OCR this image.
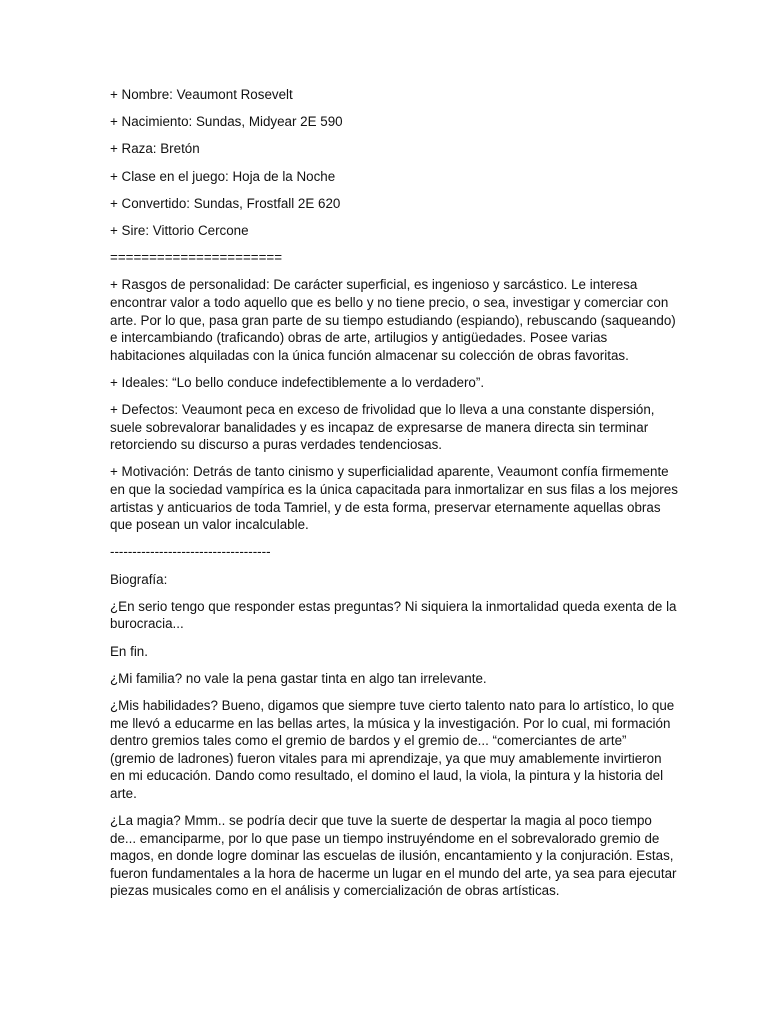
+ Nombre: Veaumont Rosevelt

+ Nacimiento: Sundas, Midyear 2E 590

+ Raza: Bretón

+ Clase en el juego: Hoja de la Noche

+ Convertido: Sundas, Frostfall 2E 620

+ Sire: Vittorio Cercone

======================

+ Rasgos de personalidad: De carácter superficial, es ingenioso y sarcástico. Le interesa
encontrar valor a todo aquello que es bello y no tiene precio, o sea, investigar y comerciar con
arte. Por lo que, pasa gran parte de su tiempo estudiando (espiando), rebuscando (saqueando)
e intercambiando (traficando) obras de arte, artilugios y antigüedades. Posee varias
habitaciones alquiladas con la única función almacenar su colección de obras favoritas.

+ Ideales: “Lo bello conduce indefectiblemente a lo verdadero”.

+ Defectos: Veaumont peca en exceso de frivolidad que lo lleva a una constante dispersión,
suele sobrevalorar banalidades y es incapaz de expresarse de manera directa sin terminar
retorciendo su discurso a puras verdades tendenciosas.

+ Motivación: Detrás de tanto cinismo y superficialidad aparente, Veaumont confía firmemente
en que la sociedad vampírica es la única capacitada para inmortalizar en sus filas a los mejores
artistas y anticuarios de toda Tamriel, y de esta forma, preservar eternamente aquellas obras
que posean un valor incalculable.

------------------------------------

Biografía:

¿En serio tengo que responder estas preguntas? Ni siquiera la inmortalidad queda exenta de la
burocracia...

En fin.

¿Mi familia? no vale la pena gastar tinta en algo tan irrelevante.

¿Mis habilidades? Bueno, digamos que siempre tuve cierto talento nato para lo artístico, lo que
me llevó a educarme en las bellas artes, la música y la investigación. Por lo cual, mi formación
dentro gremios tales como el gremio de bardos y el gremio de... “comerciantes de arte”
(gremio de ladrones) fueron vitales para mi aprendizaje, ya que muy amablemente invirtieron
en mi educación. Dando como resultado, el domino el laud, la viola, la pintura y la historia del
arte.

¿La magia? Mmm.. se podría decir que tuve la suerte de despertar la magia al poco tiempo
de... emanciparme, por lo que pase un tiempo instruyéndome en el sobrevalorado gremio de
magos, en donde logre dominar las escuelas de ilusión, encantamiento y la conjuración. Estas,
fueron fundamentales a la hora de hacerme un lugar en el mundo del arte, ya sea para ejecutar
piezas musicales como en el análisis y comercialización de obras artísticas.
